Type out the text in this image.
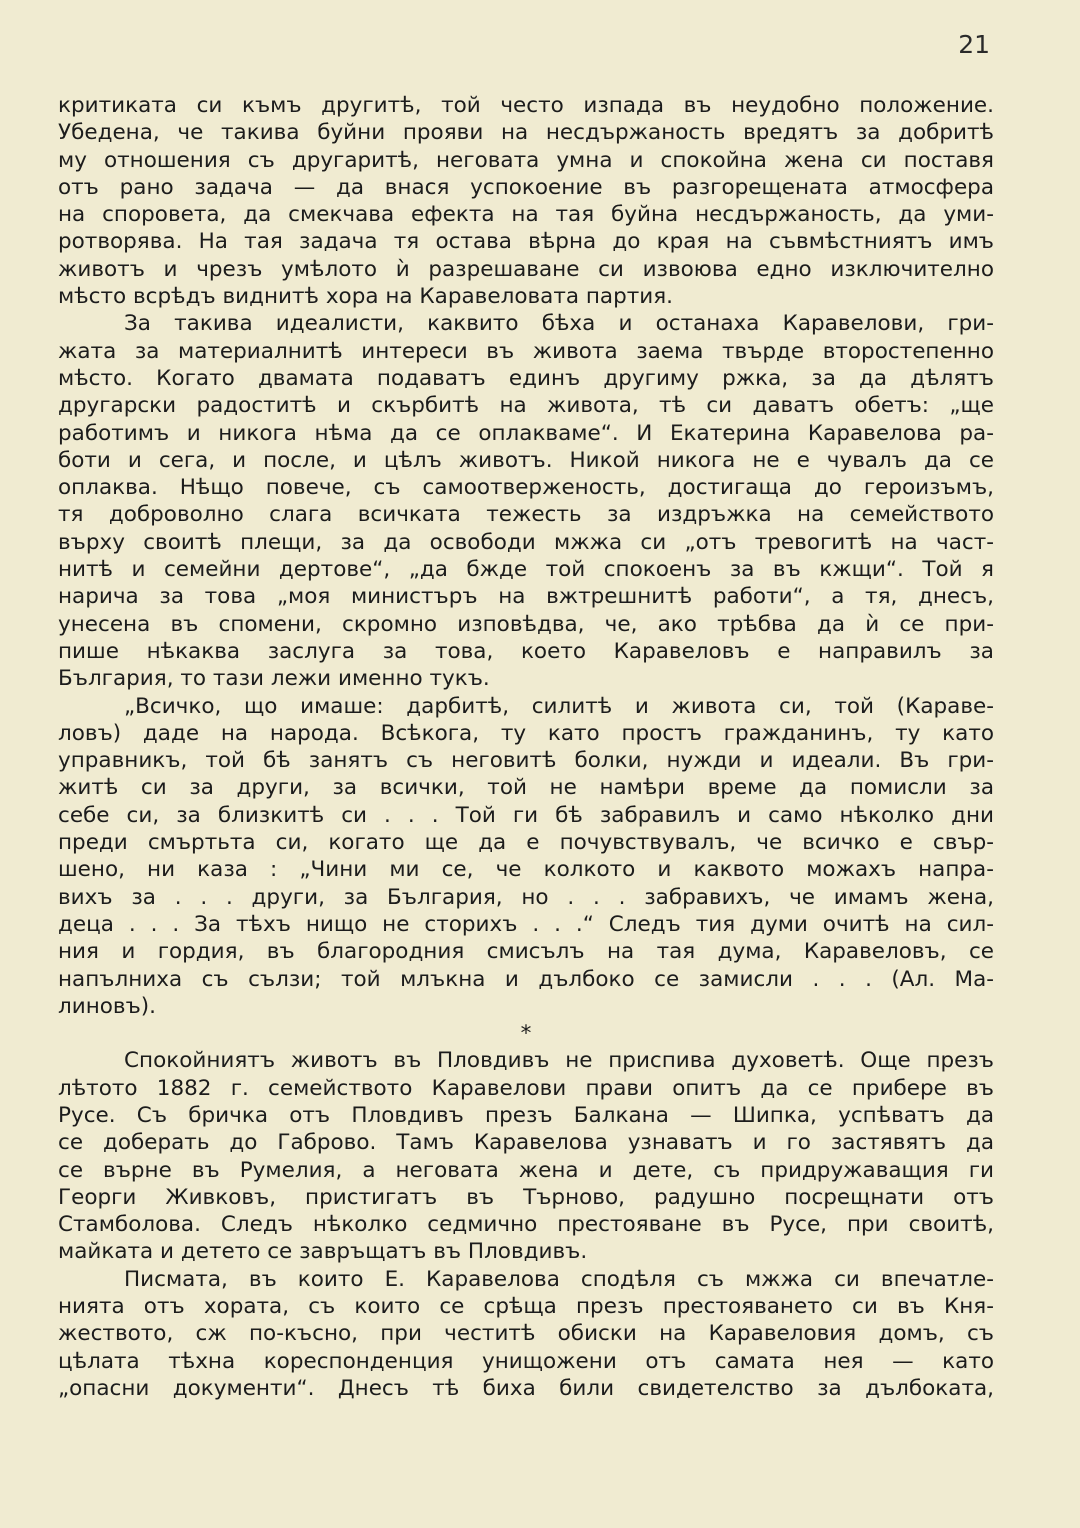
21
критиката си къмъ другитѣ, той често изпада въ неудобно положение.
Убедена, че такива буйни прояви на несдържаность вредятъ за добритѣ
му отношения съ другаритѣ, неговата умна и спокойна жена си поставя
отъ рано задача — да внася успокоение въ разгорещената атмосфера
на споровета, да смекчава ефекта на тая буйна несдържаность, да уми-
ротворява. На тая задача тя остава вѣрна до края на съвмѣстниятъ имъ
животъ и чрезъ умѣлото ѝ разрешаване си извоюва едно изключително
мѣсто всрѣдъ виднитѣ хора на Каравеловата партия.
За такива идеалисти, каквито бѣха и останаха Каравелови, гри-
жата за материалнитѣ интереси въ живота заема твърде второстепенно
мѣсто. Когато двамата подаватъ единъ другиму ржка, за да дѣлятъ
другарски радоститѣ и скърбитѣ на живота, тѣ си даватъ обетъ: „ще
работимъ и никога нѣма да се оплакваме“. И Екатерина Каравелова ра-
боти и сега, и после, и цѣлъ животъ. Никой никога не е чувалъ да се
оплаква. Нѣщо повече, съ самоотверженость, достигаща до героизъмъ,
тя доброволно слага всичката тежесть за издръжка на семейството
върху своитѣ плещи, за да освободи мжжа си „отъ тревогитѣ на част-
нитѣ и семейни дертове“, „да бжде той спокоенъ за въ кжщи“. Той я
нарича за това „моя министъръ на вжтрешнитѣ работи“, а тя, днесъ,
унесена въ спомени, скромно изповѣдва, че, ако трѣбва да ѝ се при-
пише нѣкаква заслуга за това, което Каравеловъ е направилъ за
България, то тази лежи именно тукъ.
„Всичко, що имаше: дарбитѣ, силитѣ и живота си, той (Караве-
ловъ) даде на народа. Всѣкога, ту като простъ гражданинъ, ту като
управникъ, той бѣ занятъ съ неговитѣ болки, нужди и идеали. Въ гри-
житѣ си за други, за всички, той не намѣри време да помисли за
себе си, за близкитѣ си . . . Той ги бѣ забравилъ и само нѣколко дни
преди смъртьта си, когато ще да е почувствувалъ, че всичко е свър-
шено, ни каза : „Чини ми се, че колкото и каквото можахъ напра-
вихъ за . . . други, за България, но . . . забравихъ, че имамъ жена,
деца . . . За тѣхъ нищо не сторихъ . . .“ Следъ тия думи очитѣ на сил-
ния и гордия, въ благородния смисълъ на тая дума, Каравеловъ, се
напълниха съ сълзи; той млъкна и дълбоко се замисли . . . (Ал. Ма-
линовъ).
*
Спокойниятъ животъ въ Пловдивъ не приспива духоветѣ. Още презъ
лѣтото 1882 г. семейството Каравелови прави опитъ да се прибере въ
Русе. Съ бричка отъ Пловдивъ презъ Балкана — Шипка, успѣватъ да
се доберать до Габрово. Тамъ Каравелова узнаватъ и го застявятъ да
се върне въ Румелия, а неговата жена и дете, съ придружаващия ги
Георги Живковъ, пристигатъ въ Търново, радушно посрещнати отъ
Стамболова. Следъ нѣколко седмично престояване въ Русе, при своитѣ,
майката и детето се завръщатъ въ Пловдивъ.
Писмата, въ които Е. Каравелова сподѣля съ мжжа си впечатле-
нията отъ хората, съ които се срѣща презъ престояването си въ Кня-
жеството, сж по-късно, при честитѣ обиски на Каравеловия домъ, съ
цѣлата тѣхна кореспонденция унищожени отъ самата нея — като
„опасни документи“. Днесъ тѣ биха били свидетелство за дълбоката,
